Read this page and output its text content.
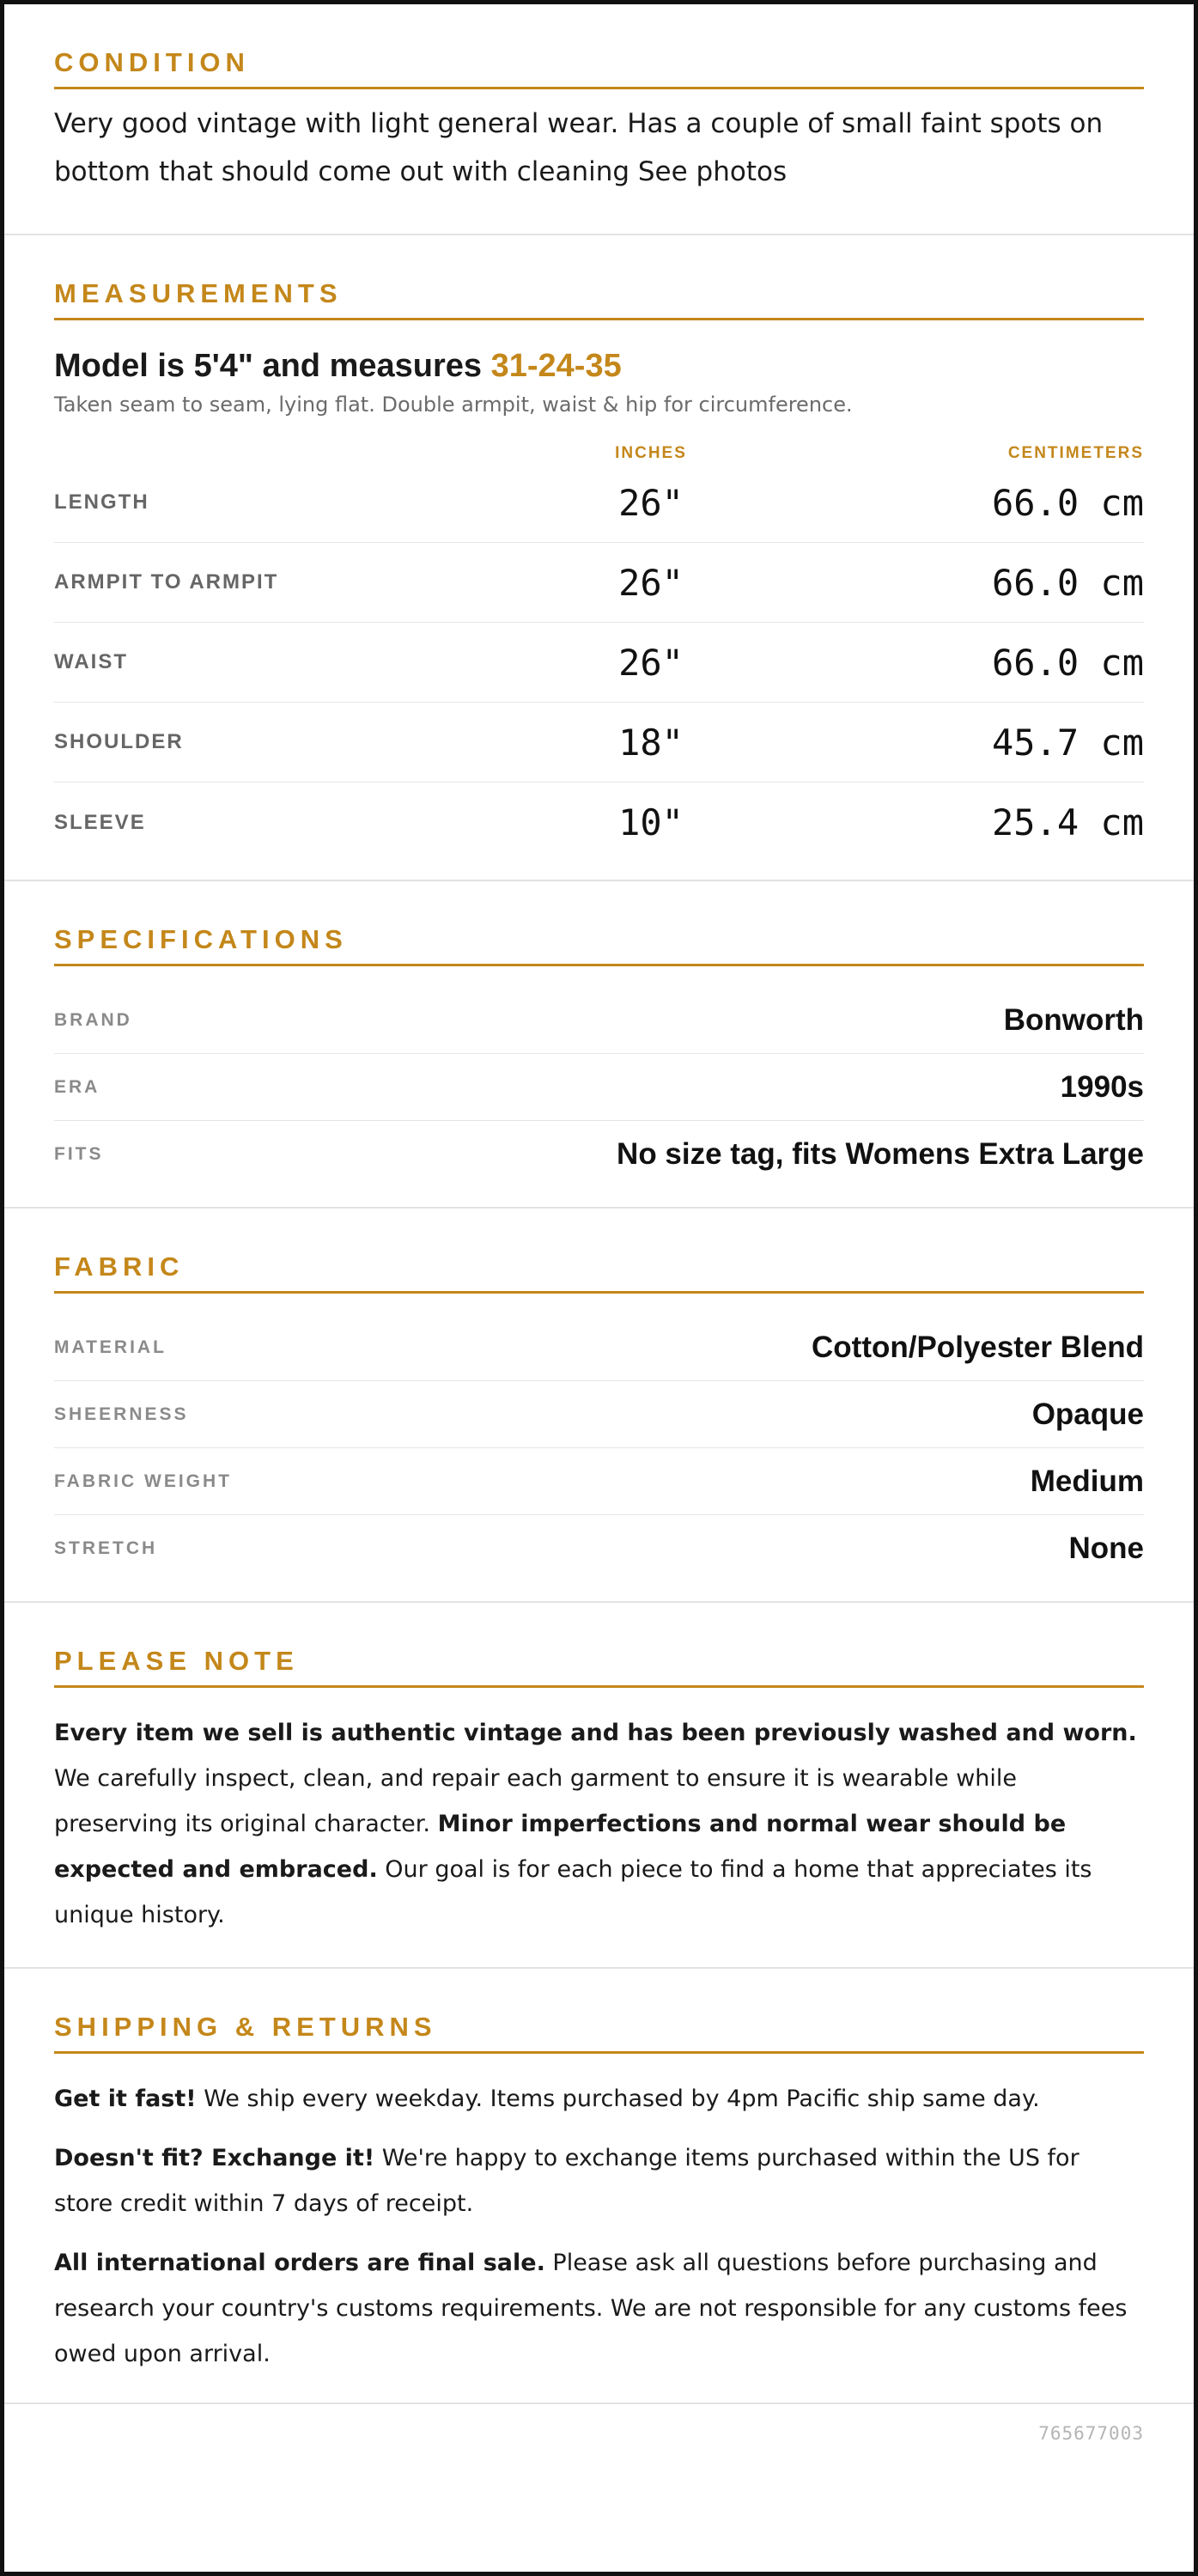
CONDITION

Very good vintage with light general wear. Has a couple of small faint spots on bottom that should come out with cleaning See photos

MEASUREMENTS
Model is 5'4" and measures 31-24-35
Taken seam to seam, lying flat. Double armpit, waist & hip for circumference.
INCHES	CENTIMETERS
LENGTH	26"	66.0 cm
ARMPIT TO ARMPIT	26"	66.0 cm
WAIST	26"	66.0 cm
SHOULDER	18"	45.7 cm
SLEEVE	10"	25.4 cm
SPECIFICATIONS
BRAND	Bonworth
ERA	1990s
FITS	No size tag, fits Womens Extra Large
FABRIC
MATERIAL	Cotton/Polyester Blend
SHEERNESS	Opaque
FABRIC WEIGHT	Medium
STRETCH	None
PLEASE NOTE

Every item we sell is authentic vintage and has been previously washed and worn. We carefully inspect, clean, and repair each garment to ensure it is wearable while preserving its original character. Minor imperfections and normal wear should be expected and embraced. Our goal is for each piece to find a home that appreciates its unique history.

SHIPPING & RETURNS

Get it fast! We ship every weekday. Items purchased by 4pm Pacific ship same day.

Doesn't fit? Exchange it! We're happy to exchange items purchased within the US for store credit within 7 days of receipt.

All international orders are final sale. Please ask all questions before purchasing and research your country's customs requirements. We are not responsible for any customs fees owed upon arrival.

765677003
